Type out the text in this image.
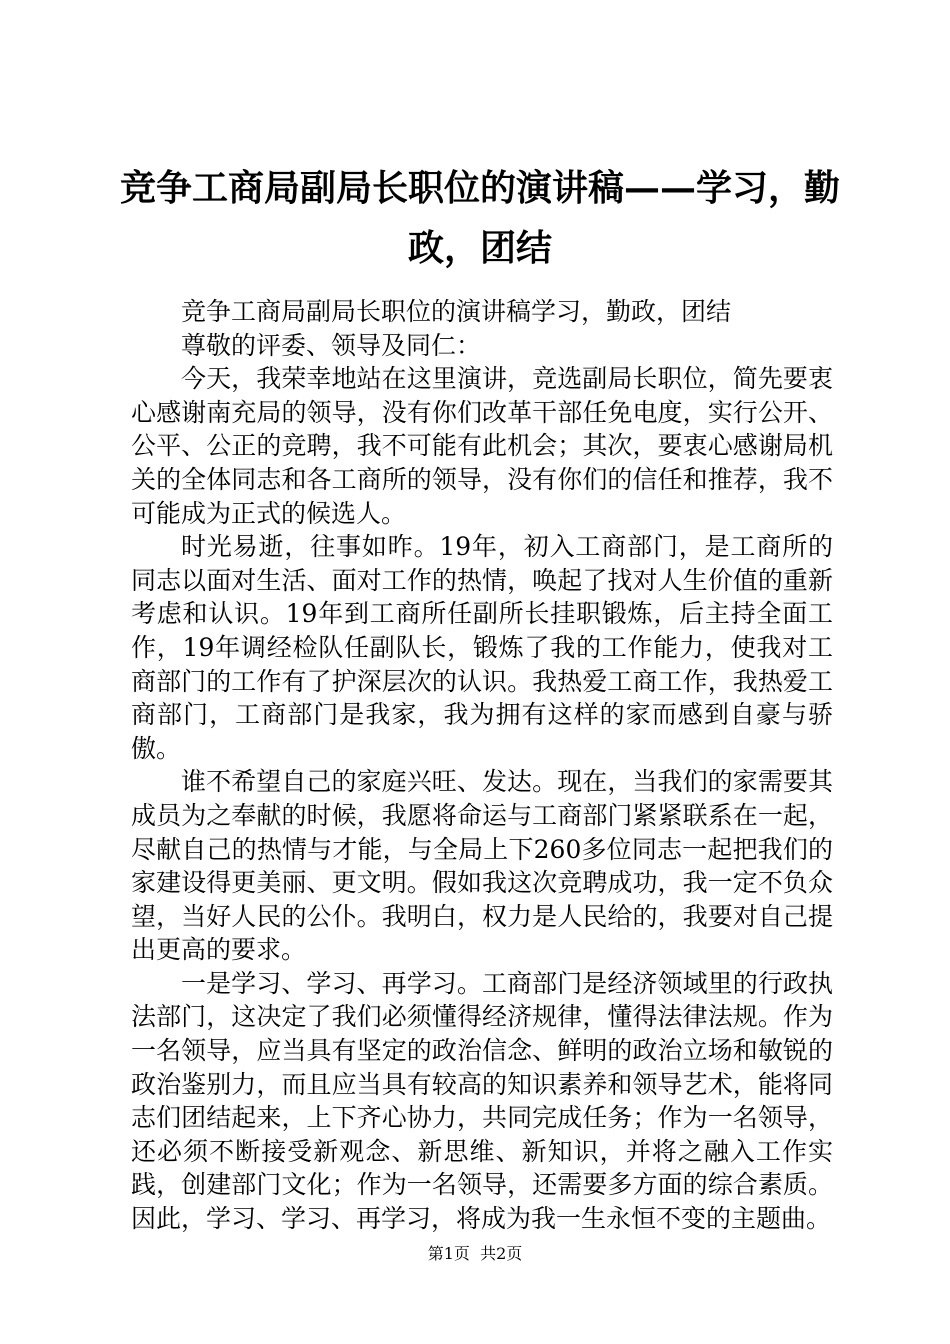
竞争工商局副局长职位的演讲稿——学习，勤政，团结

竞争工商局副局长职位的演讲稿学习，勤政，团结

尊敬的评委、领导及同仁：

今天，我荣幸地站在这里演讲，竞选副局长职位，简先要衷心感谢南充局的领导，没有你们改革干部任免电度，实行公开、公平、公正的竞聘，我不可能有此机会；其次，要衷心感谢局机关的全体同志和各工商所的领导，没有你们的信任和推荐，我不可能成为正式的候选人。

时光易逝，往事如昨。19年，初入工商部门，是工商所的同志以面对生活、面对工作的热情，唤起了找对人生价值的重新考虑和认识。19年到工商所任副所长挂职锻炼，后主持全面工作，19年调经检队任副队长，锻炼了我的工作能力，使我对工商部门的工作有了护深层次的认识。我热爱工商工作，我热爱工商部门，工商部门是我家，我为拥有这样的家而感到自豪与骄傲。

谁不希望自己的家庭兴旺、发达。现在，当我们的家需要其成员为之奉献的时候，我愿将命运与工商部门紧紧联系在一起，尽献自己的热情与才能，与全局上下260多位同志一起把我们的家建设得更美丽、更文明。假如我这次竞聘成功，我一定不负众望，当好人民的公仆。我明白，权力是人民给的，我要对自己提出更高的要求。

一是学习、学习、再学习。工商部门是经济领域里的行政执法部门，这决定了我们必须懂得经济规律，懂得法律法规。作为一名领导，应当具有坚定的政治信念、鲜明的政治立场和敏锐的政治鉴别力，而且应当具有较高的知识素养和领导艺术，能将同志们团结起来，上下齐心协力，共同完成任务；作为一名领导，还必须不断接受新观念、新思维、新知识，并将之融入工作实践，创建部门文化；作为一名领导，还需要多方面的综合素质。因此，学习、学习、再学习，将成为我一生永恒不变的主题曲。

第1页  共2页
